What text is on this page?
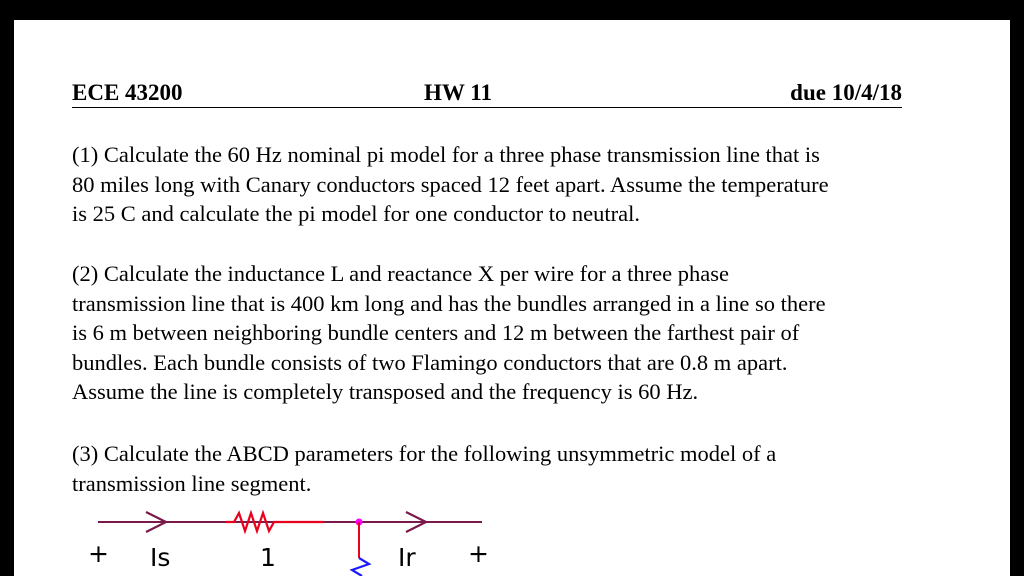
ECE 43200	HW 11	due 10/4/18
(1) Calculate the 60 Hz nominal pi model for a three phase transmission line that is
80 miles long with Canary conductors spaced 12 feet apart. Assume the temperature
is 25 C and calculate the pi model for one conductor to neutral.
(2) Calculate the inductance L and reactance X per wire for a three phase
transmission line that is 400 km long and has the bundles arranged in a line so there
is 6 m between neighboring bundle centers and 12 m between the farthest pair of
bundles. Each bundle consists of two Flamingo conductors that are 0.8 m apart.
Assume the line is completely transposed and the frequency is 60 Hz.
(3) Calculate the ABCD parameters for the following unsymmetric model of a
transmission line segment.
+ Is	1	Ir +
